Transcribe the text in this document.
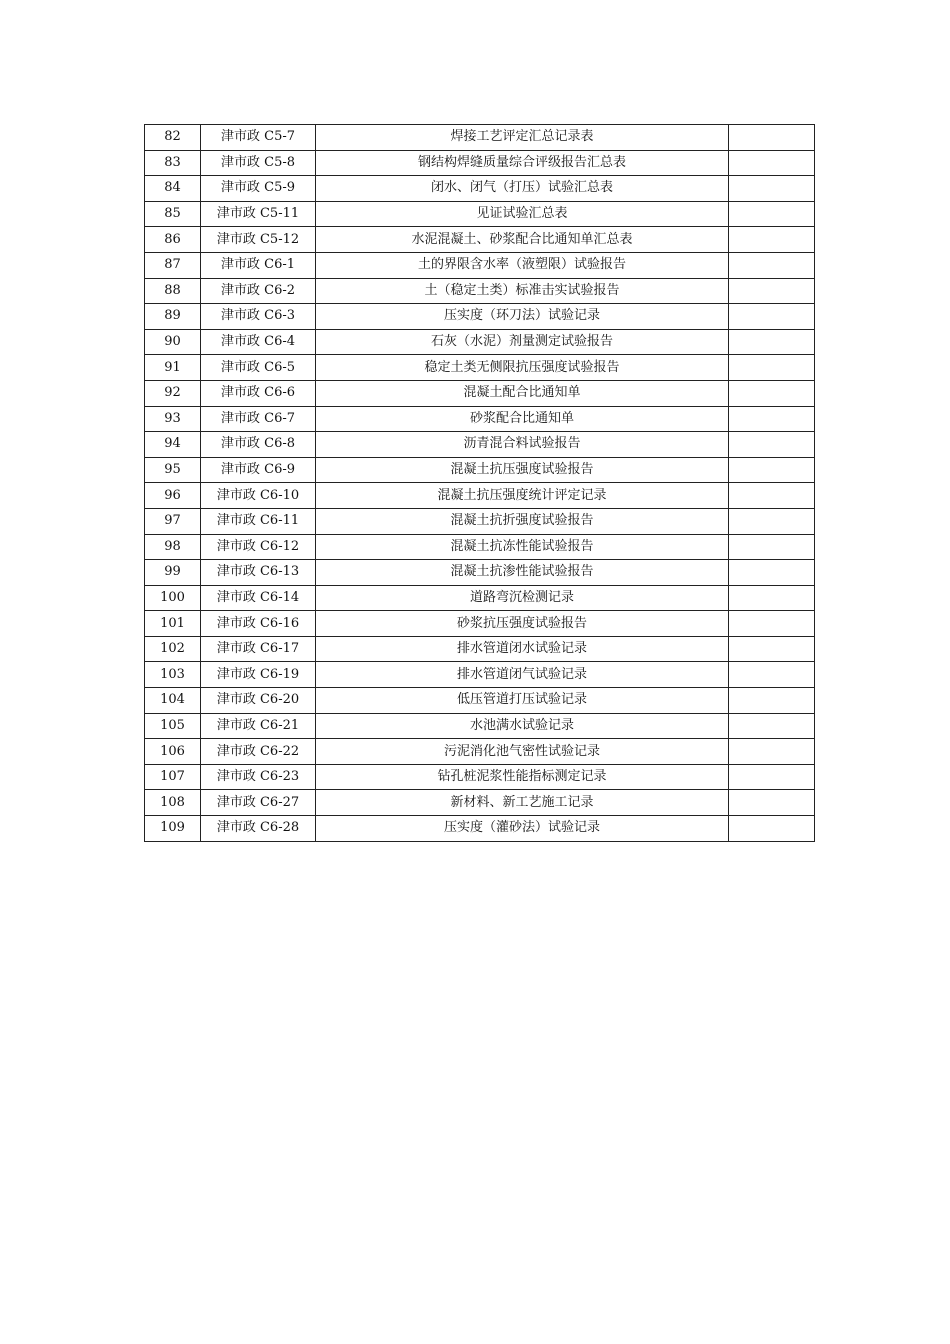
82	津市政 C5-7	焊接工艺评定汇总记录表	
83	津市政 C5-8	钢结构焊缝质量综合评级报告汇总表	
84	津市政 C5-9	闭水、闭气（打压）试验汇总表	
85	津市政 C5-11	见证试验汇总表	
86	津市政 C5-12	水泥混凝土、砂浆配合比通知单汇总表	
87	津市政 C6-1	土的界限含水率（液塑限）试验报告	
88	津市政 C6-2	土（稳定土类）标准击实试验报告	
89	津市政 C6-3	压实度（环刀法）试验记录	
90	津市政 C6-4	石灰（水泥）剂量测定试验报告	
91	津市政 C6-5	稳定土类无侧限抗压强度试验报告	
92	津市政 C6-6	混凝土配合比通知单	
93	津市政 C6-7	砂浆配合比通知单	
94	津市政 C6-8	沥青混合料试验报告	
95	津市政 C6-9	混凝土抗压强度试验报告	
96	津市政 C6-10	混凝土抗压强度统计评定记录	
97	津市政 C6-11	混凝土抗折强度试验报告	
98	津市政 C6-12	混凝土抗冻性能试验报告	
99	津市政 C6-13	混凝土抗渗性能试验报告	
100	津市政 C6-14	道路弯沉检测记录	
101	津市政 C6-16	砂浆抗压强度试验报告	
102	津市政 C6-17	排水管道闭水试验记录	
103	津市政 C6-19	排水管道闭气试验记录	
104	津市政 C6-20	低压管道打压试验记录	
105	津市政 C6-21	水池满水试验记录	
106	津市政 C6-22	污泥消化池气密性试验记录	
107	津市政 C6-23	钻孔桩泥浆性能指标测定记录	
108	津市政 C6-27	新材料、新工艺施工记录	
109	津市政 C6-28	压实度（灌砂法）试验记录	
